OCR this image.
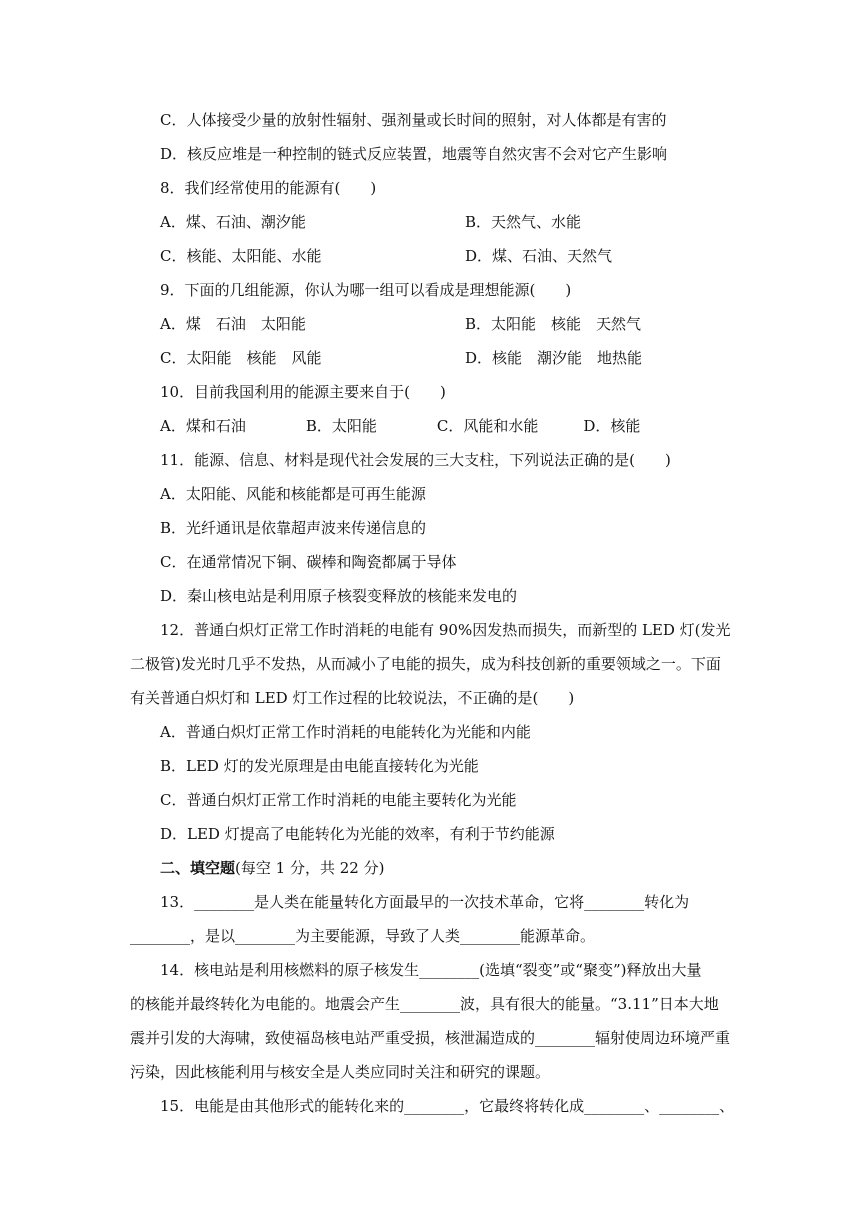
C．人体接受少量的放射性辐射、强剂量或长时间的照射，对人体都是有害的
D．核反应堆是一种控制的链式反应装置，地震等自然灾害不会对它产生影响
8．我们经常使用的能源有(　　)
A．煤、石油、潮汐能	B．天然气、水能
C．核能、太阳能、水能	D．煤、石油、天然气
9．下面的几组能源，你认为哪一组可以看成是理想能源(　　)
A．煤　石油　太阳能	B．太阳能　核能　天然气
C．太阳能　核能　风能	D．核能　潮汐能　地热能
10．目前我国利用的能源主要来自于(　　)
A．煤和石油　　　　B．太阳能　　　　C．风能和水能　　　D．核能
11．能源、信息、材料是现代社会发展的三大支柱，下列说法正确的是(　　)
A．太阳能、风能和核能都是可再生能源
B．光纤通讯是依靠超声波来传递信息的
C．在通常情况下铜、碳棒和陶瓷都属于导体
D．秦山核电站是利用原子核裂变释放的核能来发电的
12．普通白炽灯正常工作时消耗的电能有 90%因发热而损失，而新型的 LED 灯(发光
二极管)发光时几乎不发热，从而减小了电能的损失，成为科技创新的重要领域之一。下面
有关普通白炽灯和 LED 灯工作过程的比较说法，不正确的是(　　)
A．普通白炽灯正常工作时消耗的电能转化为光能和内能
B．LED 灯的发光原理是由电能直接转化为光能
C．普通白炽灯正常工作时消耗的电能主要转化为光能
D．LED 灯提高了电能转化为光能的效率，有利于节约能源
二、填空题(每空 1 分，共 22 分)
13．________是人类在能量转化方面最早的一次技术革命，它将________转化为
________，是以________为主要能源，导致了人类________能源革命。
14．核电站是利用核燃料的原子核发生________(选填“裂变”或“聚变”)释放出大量
的核能并最终转化为电能的。地震会产生________波，具有很大的能量。“3.11”日本大地
震并引发的大海啸，致使福岛核电站严重受损，核泄漏造成的________辐射使周边环境严重
污染，因此核能利用与核安全是人类应同时关注和研究的课题。
15．电能是由其他形式的能转化来的________，它最终将转化成________、________、
